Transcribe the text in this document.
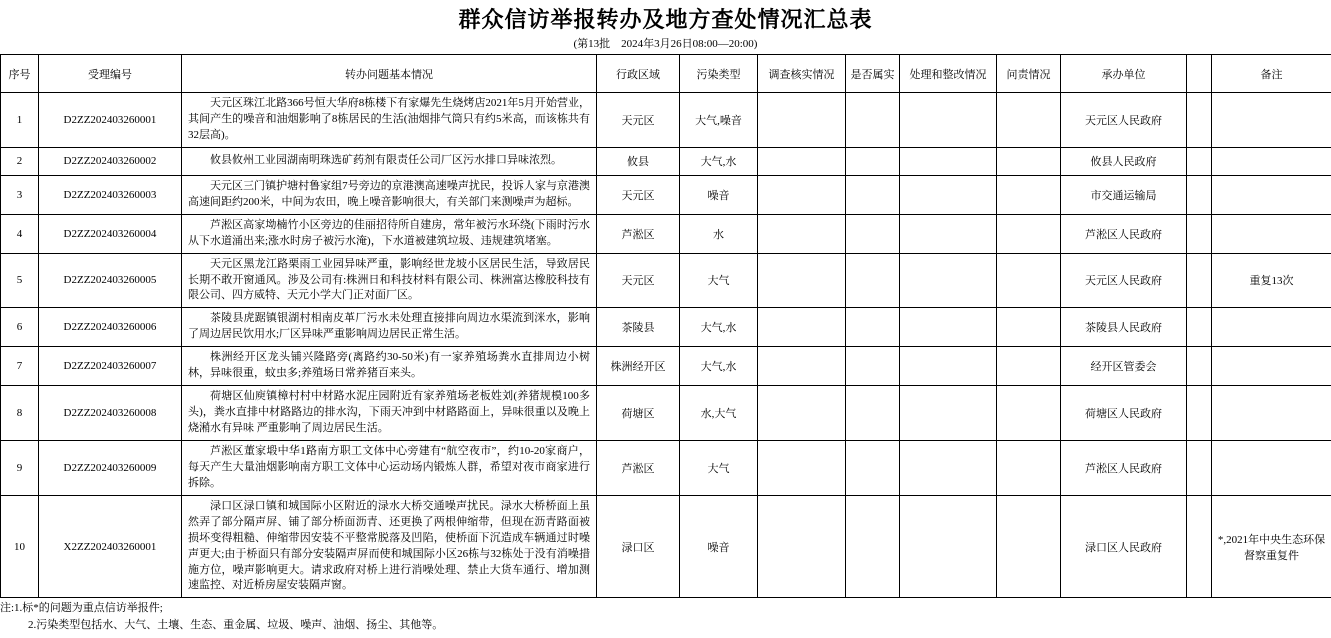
群众信访举报转办及地方查处情况汇总表
(第13批　2024年3月26日08:00—20:00)
序号	受理编号	转办问题基本情况	行政区域	污染类型	调查核实情况	是否属实	处理和整改情况	问责情况	承办单位		备注
1	D2ZZ202403260001	天元区珠江北路366号恒大华府8栋楼下有家爆先生烧烤店2021年5月开始营业，其间产生的噪音和油烟影响了8栋居民的生活(油烟排气筒只有约5米高，而该栋共有32层高)。	天元区	大气,噪音					天元区人民政府		
2	D2ZZ202403260002	攸县攸州工业园湖南明珠选矿药剂有限责任公司厂区污水排口异味浓烈。	攸县	大气,水					攸县人民政府		
3	D2ZZ202403260003	天元区三门镇护塘村鲁家组7号旁边的京港澳高速噪声扰民，投诉人家与京港澳高速间距约200米，中间为农田，晚上噪音影响很大，有关部门来测噪声为超标。	天元区	噪音					市交通运输局		
4	D2ZZ202403260004	芦淞区高家坳楠竹小区旁边的佳丽招待所自建房，常年被污水环绕(下雨时污水从下水道涌出来;涨水时房子被污水淹)，下水道被建筑垃圾、违规建筑堵塞。	芦淞区	水					芦淞区人民政府		
5	D2ZZ202403260005	天元区黑龙江路栗雨工业园异味严重，影响经世龙坡小区居民生活，导致居民长期不敢开窗通风。涉及公司有:株洲日和科技材料有限公司、株洲富达橡胶科技有限公司、四方威特、天元小学大门正对面厂区。	天元区	大气					天元区人民政府		重复13次
6	D2ZZ202403260006	茶陵县虎踞镇银湖村相南皮革厂污水未处理直接排向周边水渠流到洣水，影响了周边居民饮用水;厂区异味严重影响周边居民正常生活。	茶陵县	大气,水					茶陵县人民政府		
7	D2ZZ202403260007	株洲经开区龙头铺兴隆路旁(离路约30-50米)有一家养殖场粪水直排周边小树林，异味很重，蚊虫多;养殖场日常养猪百来头。	株洲经开区	大气,水					经开区管委会		
8	D2ZZ202403260008	荷塘区仙庾镇樟村村中材路水泥庄园附近有家养殖场老板姓刘(养猪规模100多头)，粪水直排中材路路边的排水沟，下雨天冲到中材路路面上，异味很重以及晚上烧潲水有异味 严重影响了周边居民生活。	荷塘区	水,大气					荷塘区人民政府		
9	D2ZZ202403260009	芦淞区董家塅中华1路南方职工文体中心旁建有“航空夜市”，约10-20家商户，每天产生大量油烟影响南方职工文体中心运动场内锻炼人群，希望对夜市商家进行拆除。	芦淞区	大气					芦淞区人民政府		
10	X2ZZ202403260001	渌口区渌口镇和城国际小区附近的渌水大桥交通噪声扰民。渌水大桥桥面上虽然弄了部分隔声屏、铺了部分桥面沥青、还更换了两根伸缩带，但现在沥青路面被损坏变得粗糙、伸缩带因安装不平整常脱落及凹陷，使桥面下沉造成车辆通过时噪声更大;由于桥面只有部分安装隔声屏而使和城国际小区26栋与32栋处于没有消噪措施方位，噪声影响更大。请求政府对桥上进行消噪处理、禁止大货车通行、增加测速监控、对近桥房屋安装隔声窗。	渌口区	噪音					渌口区人民政府		*,2021年中央生态环保督察重复件
注:1.标*的问题为重点信访举报件;
2.污染类型包括水、大气、土壤、生态、重金属、垃圾、噪声、油烟、扬尘、其他等。
